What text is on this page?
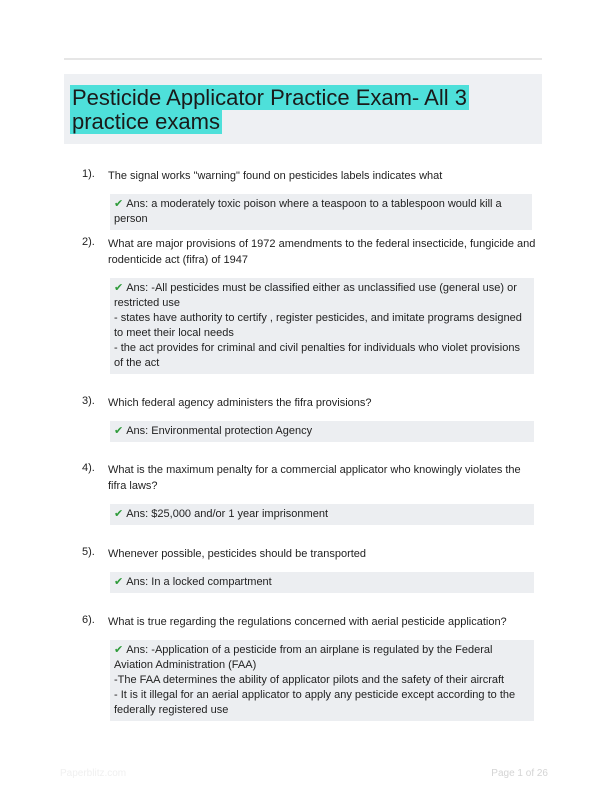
Pesticide Applicator Practice Exam- All 3 practice exams
1).	The signal works "warning" found on pesticides labels indicates what
✔ Ans: a moderately toxic poison where a teaspoon to a tablespoon would kill a person
2).	What are major provisions of 1972 amendments to the federal insecticide, fungicide and rodenticide act (fifra) of 1947
✔ Ans: -All pesticides must be classified either as unclassified use (general use) or restricted use
- states have authority to certify , register pesticides, and imitate programs designed to meet their local needs
- the act provides for criminal and civil penalties for individuals who violet provisions of the act
3).	Which federal agency administers the fifra provisions?
✔ Ans: Environmental protection Agency
4).	What is the maximum penalty for a commercial applicator who knowingly violates the fifra laws?
✔ Ans: $25,000 and/or 1 year imprisonment
5).	Whenever possible, pesticides should be transported
✔ Ans: In a locked compartment
6).	What is true regarding the regulations concerned with aerial pesticide application?
✔ Ans: -Application of a pesticide from an airplane is regulated by the Federal Aviation Administration (FAA)
-The FAA determines the ability of applicator pilots and the safety of their aircraft
- It is it illegal for an aerial applicator to apply any pesticide except according to the federally registered use
Paperblitz.com	Page 1 of 26
